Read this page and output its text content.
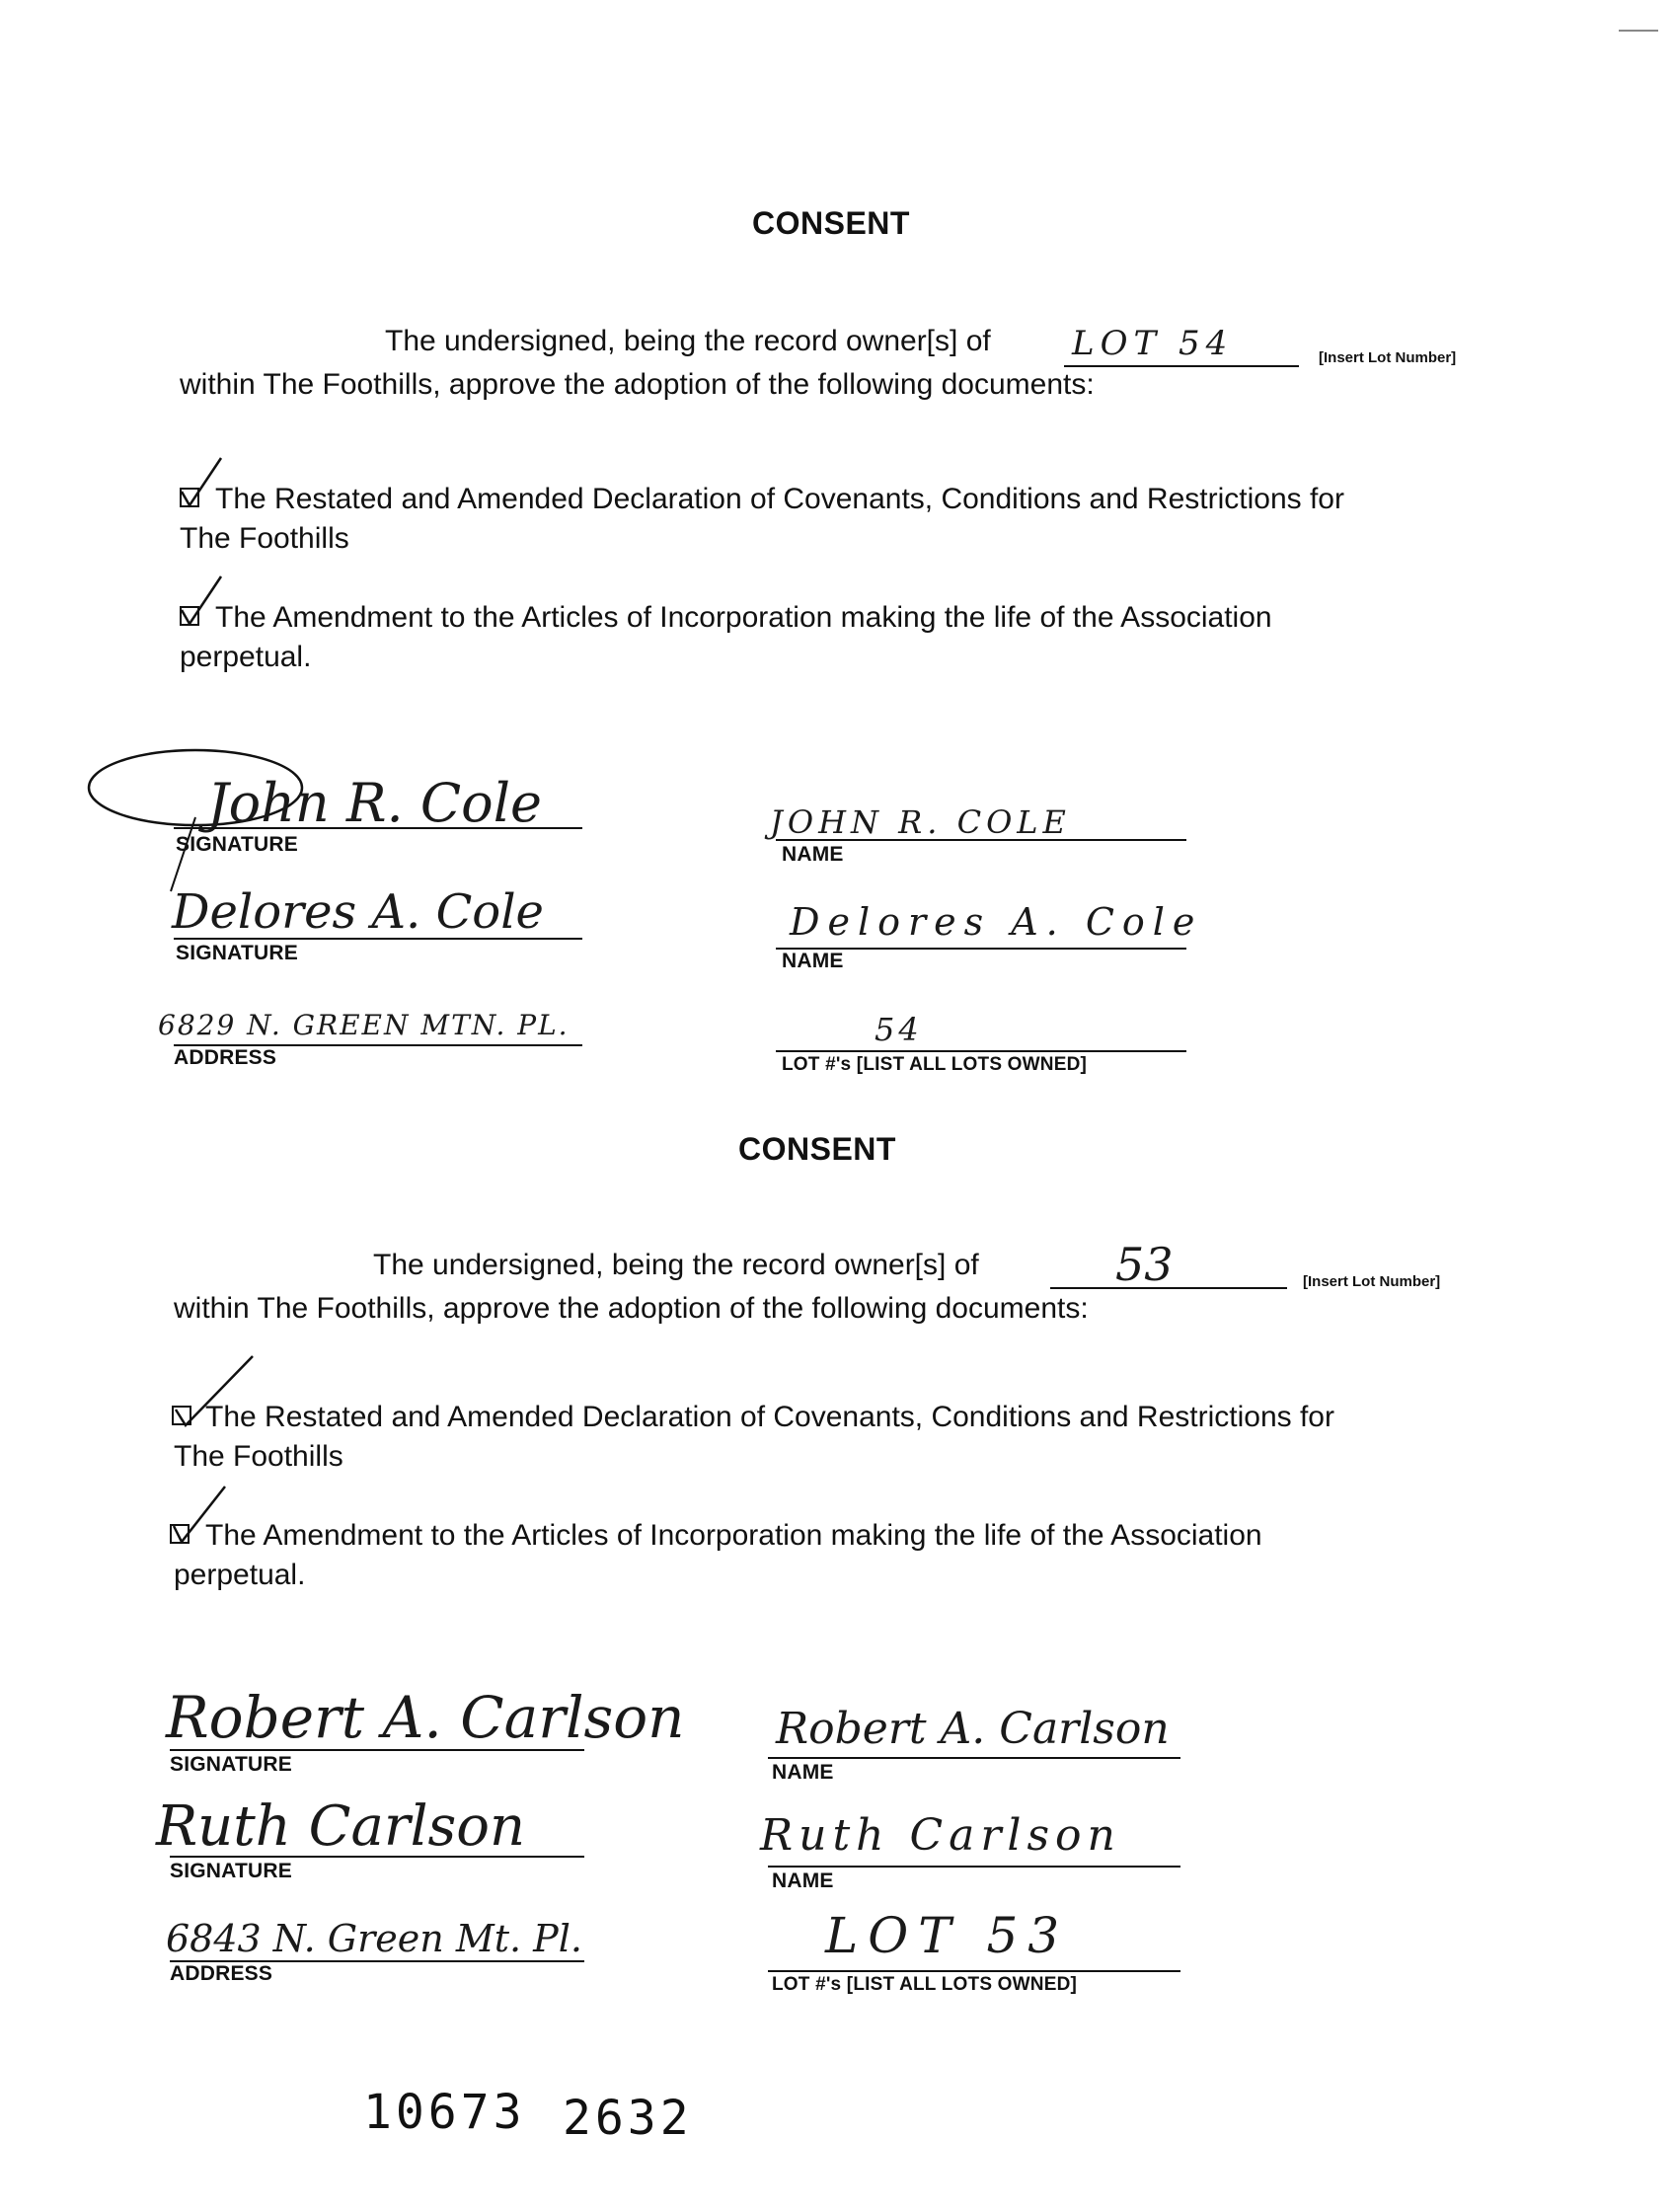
CONSENT
The undersigned, being the record owner[s] of LOT 54	[Insert Lot Number]
within The Foothills, approve the adoption of the following documents:
The Restated and Amended Declaration of Covenants, Conditions and Restrictions for
The Foothills
The Amendment to the Articles of Incorporation making the life of the Association
perpetual.
John R. Cole
SIGNATURE
JOHN R. COLE
NAME
Delores A. Cole
SIGNATURE
Delores A. Cole
NAME
6829 N. GREEN MTN. PL.
ADDRESS
54
LOT #'s [LIST ALL LOTS OWNED]
CONSENT
The undersigned, being the record owner[s] of	53	[Insert Lot Number]
within The Foothills, approve the adoption of the following documents:
The Restated and Amended Declaration of Covenants, Conditions and Restrictions for
The Foothills
The Amendment to the Articles of Incorporation making the life of the Association
perpetual.
Robert A. Carlson
SIGNATURE
Robert A. Carlson
NAME
Ruth Carlson
SIGNATURE
Ruth Carlson
NAME
6843 N. Green Mt. Pl.
ADDRESS
LOT 53
LOT #'s [LIST ALL LOTS OWNED]
10673 2632
